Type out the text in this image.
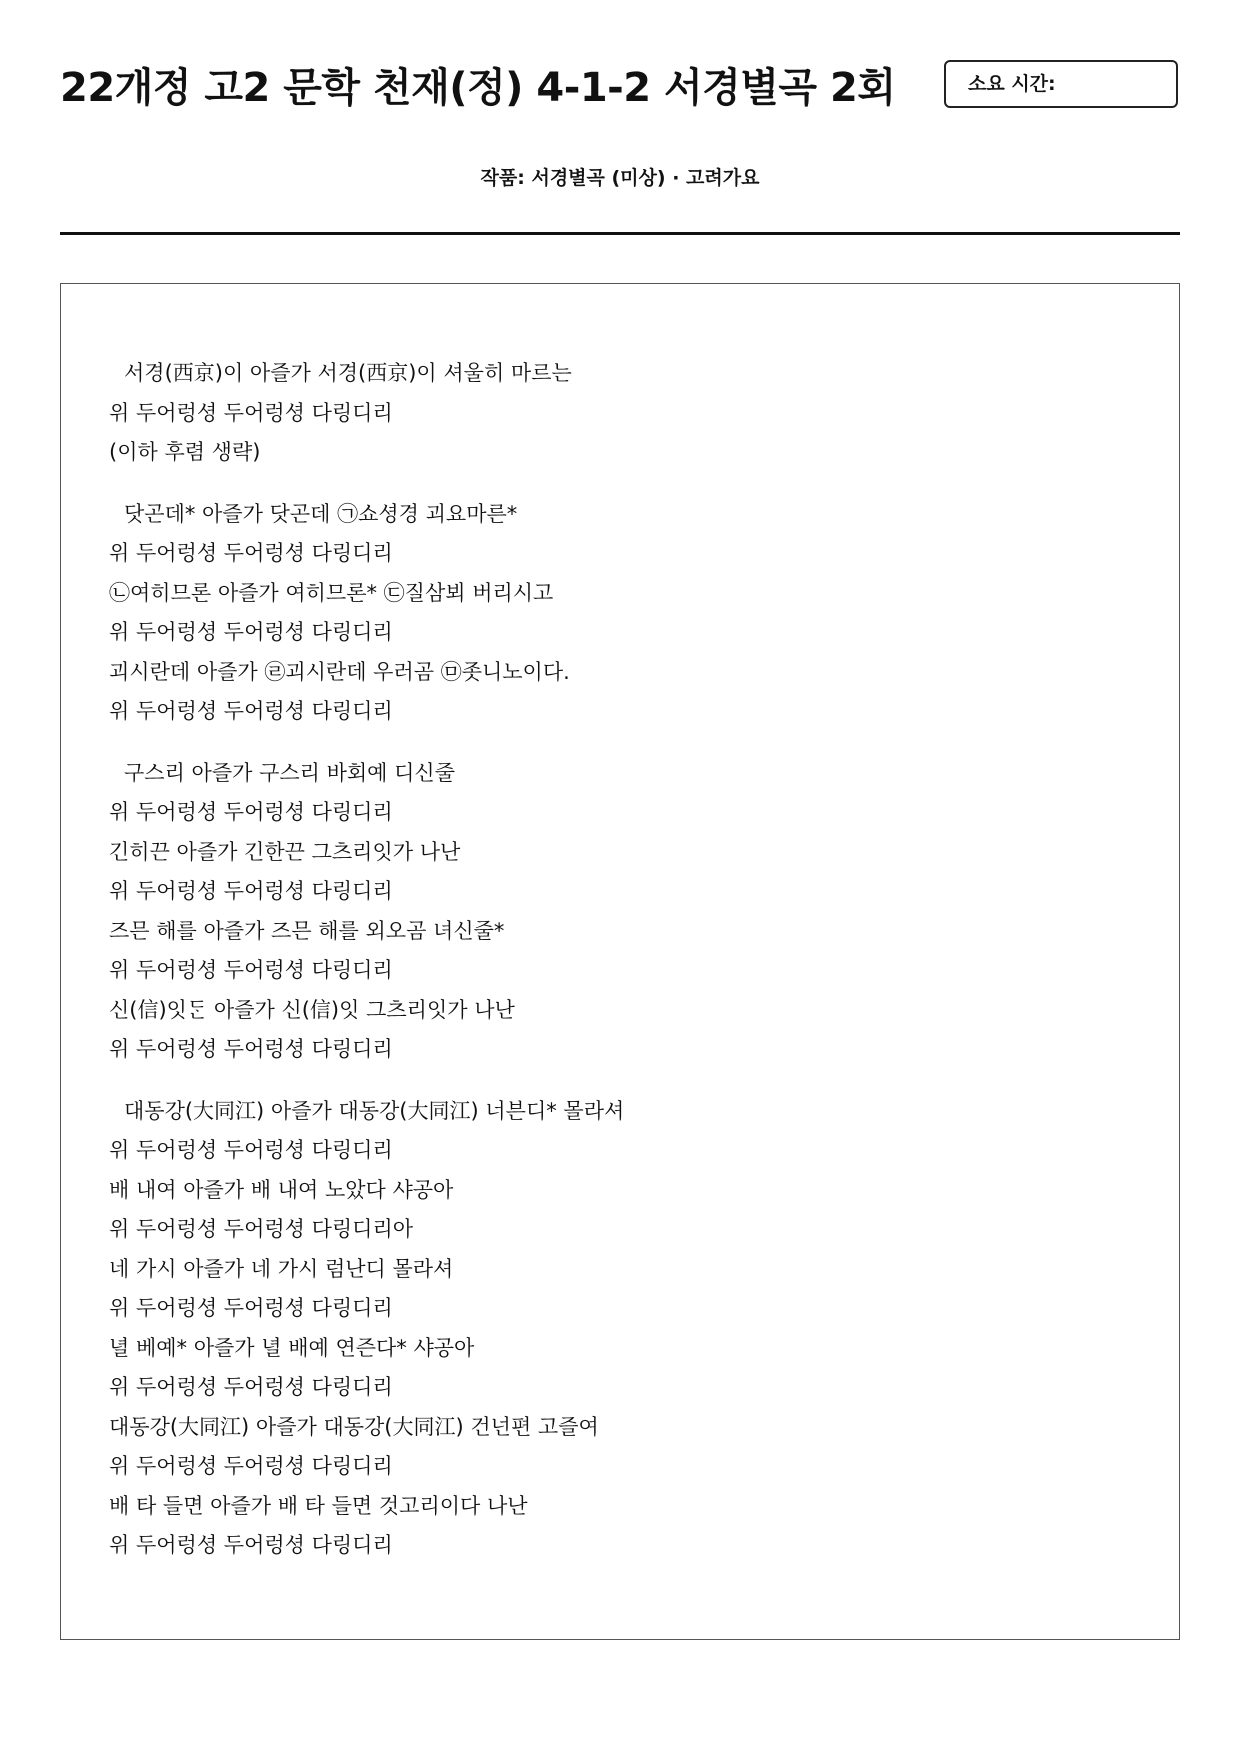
22개정 고2 문학 천재(정) 4-1-2 서경별곡 2회	소요 시간:
작품: 서경별곡 (미상) · 고려가요
서경(西京)이 아즐가 서경(西京)이 셔울히 마르는
위 두어렁셩 두어렁셩 다링디리
(이하 후렴 생략)
닷곤데* 아즐가 닷곤데 ㉠쇼셩경 괴요마른*
위 두어렁셩 두어렁셩 다링디리
㉡여히므론 아즐가 여히므론* ㉢질삼뵈 버리시고
위 두어렁셩 두어렁셩 다링디리
괴시란데 아즐가 ㉣괴시란데 우러곰 ㉤좃니노이다.
위 두어렁셩 두어렁셩 다링디리
구스리 아즐가 구스리 바회예 디신줄
위 두어렁셩 두어렁셩 다링디리
긴히끈 아즐가 긴한끈 그츠리잇가 나난
위 두어렁셩 두어렁셩 다링디리
즈믄 해를 아즐가 즈믄 해를 외오곰 녀신줄*
위 두어렁셩 두어렁셩 다링디리
신(信)잇ᄃᆞᆫ 아즐가 신(信)잇 그츠리잇가 나난
위 두어렁셩 두어렁셩 다링디리
대동강(大同江) 아즐가 대동강(大同江) 너븐디* 몰라셔
위 두어렁셩 두어렁셩 다링디리
배 내여 아즐가 배 내여 노았다 샤공아
위 두어렁셩 두어렁셩 다링디리아
네 가시 아즐가 네 가시 럼난디 몰라셔
위 두어렁셩 두어렁셩 다링디리
녈 베예* 아즐가 녈 배예 연즌다* 샤공아
위 두어렁셩 두어렁셩 다링디리
대동강(大同江) 아즐가 대동강(大同江) 건넌편 고즐여
위 두어렁셩 두어렁셩 다링디리
배 타 들면 아즐가 배 타 들면 것고리이다 나난
위 두어렁셩 두어렁셩 다링디리
